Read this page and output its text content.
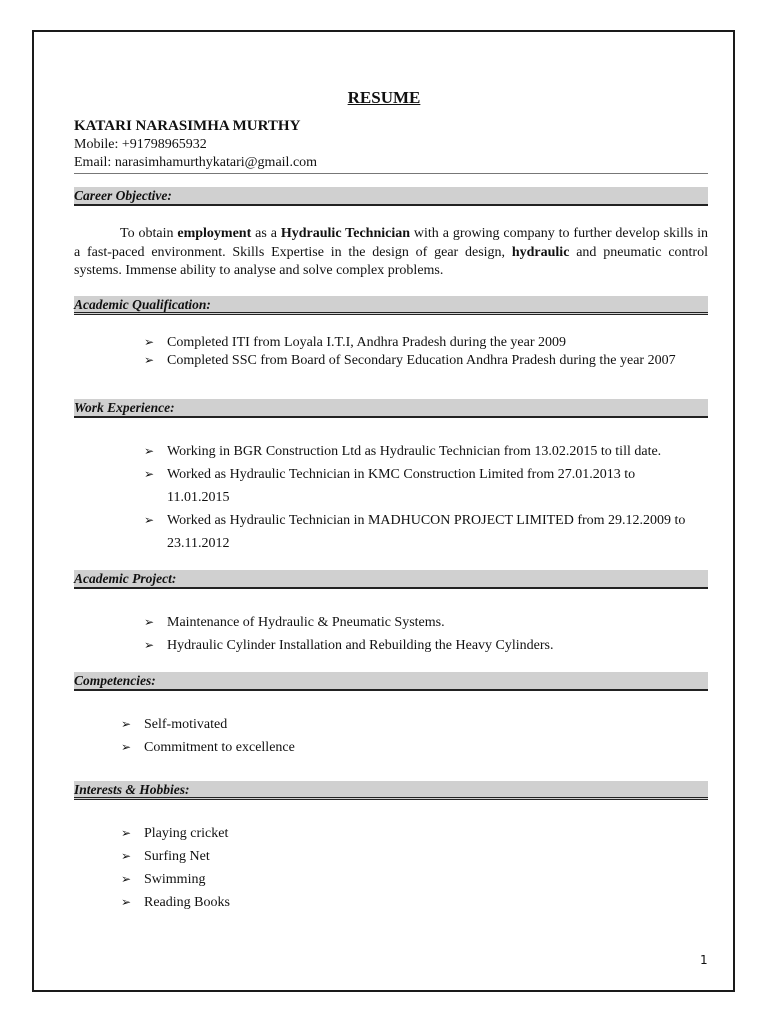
RESUME
KATARI NARASIMHA MURTHY
Mobile: +91798965932
Email: narasimhamurthykatari@gmail.com
Career Objective:
To obtain employment as a Hydraulic Technician with a growing company to further develop skills in a fast-paced environment. Skills Expertise in the design of gear design, hydraulic and pneumatic control systems. Immense ability to analyse and solve complex problems.
Academic Qualification:
➢ Completed ITI from Loyala I.T.I, Andhra Pradesh during the year 2009
➢ Completed SSC from Board of Secondary Education Andhra Pradesh during the year 2007
Work Experience:
➢ Working in BGR Construction Ltd as Hydraulic Technician from 13.02.2015 to till date.
➢ Worked as Hydraulic Technician in KMC Construction Limited from 27.01.2013 to
11.01.2015
➢ Worked as Hydraulic Technician in MADHUCON PROJECT LIMITED from 29.12.2009 to
23.11.2012
Academic Project:
➢ Maintenance of Hydraulic & Pneumatic Systems.
➢ Hydraulic Cylinder Installation and Rebuilding the Heavy Cylinders.
Competencies:
➢ Self-motivated
➢ Commitment to excellence
Interests & Hobbies:
➢ Playing cricket
➢ Surfing Net
➢ Swimming
➢ Reading Books
1
